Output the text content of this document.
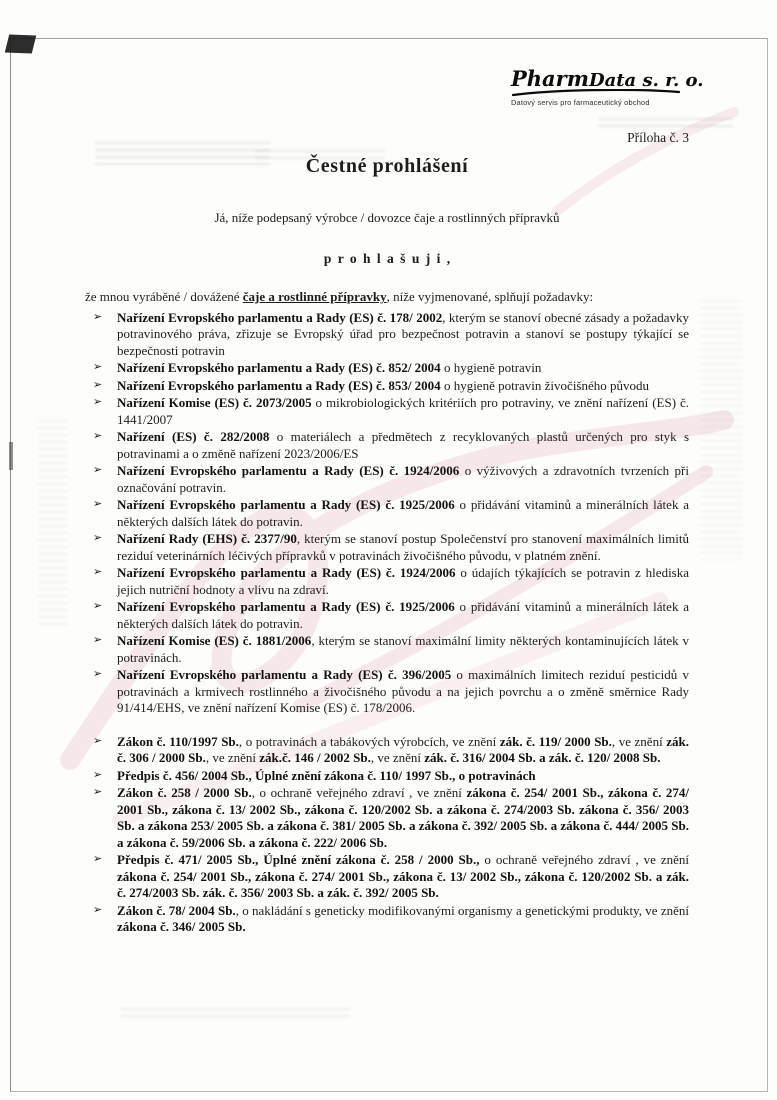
PharmData s. r. o.
Datový servis pro farmaceutický obchod
Příloha č. 3
Čestné prohlášení
Já, níže podepsaný výrobce / dovozce čaje a rostlinných přípravků
p r o h l a š u j i ,

že mnou vyráběné / dovážené čaje a rostlinné přípravky, níže vyjmenované, splňují požadavky:

➢	Nařízení Evropského parlamentu a Rady (ES) č. 178/ 2002, kterým se stanoví obecné zásady a požadavky potravinového práva, zřizuje se Evropský úřad pro bezpečnost potravin a stanoví se postupy týkající se bezpečnosti potravin
➢	Nařízení Evropského parlamentu a Rady (ES) č. 852/ 2004 o hygieně potravin
➢	Nařízení Evropského parlamentu a Rady (ES) č. 853/ 2004 o hygieně potravin živočišného původu
➢	Nařízení Komise (ES) č. 2073/2005 o mikrobiologických kritériích pro potraviny, ve znění nařízení (ES) č. 1441/2007
➢	Nařízení (ES) č. 282/2008 o materiálech a předmětech z recyklovaných plastů určených pro styk s potravinami a o změně nařízení 2023/2006/ES
➢	Nařízení Evropského parlamentu a Rady (ES) č. 1924/2006 o výživových a zdravotních tvrzeních při označování potravin.
➢	Nařízení Evropského parlamentu a Rady (ES) č. 1925/2006 o přidávání vitaminů a minerálních látek a některých dalších látek do potravin.
➢	Nařízení Rady (EHS) č. 2377/90, kterým se stanoví postup Společenství pro stanovení maximálních limitů reziduí veterinárních léčivých přípravků v potravinách živočišného původu, v platném znění.
➢	Nařízení Evropského parlamentu a Rady (ES) č. 1924/2006 o údajích týkajících se potravin z hlediska jejich nutriční hodnoty a vlivu na zdraví.
➢	Nařízení Evropského parlamentu a Rady (ES) č. 1925/2006 o přidávání vitaminů a minerálních látek a některých dalších látek do potravin.
➢	Nařízení Komise (ES) č. 1881/2006, kterým se stanoví maximální limity některých kontaminujících látek v potravinách.
➢	Nařízení Evropského parlamentu a Rady (ES) č. 396/2005 o maximálních limitech reziduí pesticidů v potravinách a krmivech rostlinného a živočišného původu a na jejich povrchu a o změně směrnice Rady 91/414/EHS, ve znění nařízení Komise (ES) č. 178/2006.
➢	Zákon č. 110/1997 Sb., o potravinách a tabákových výrobcích, ve znění zák. č. 119/ 2000 Sb., ve znění zák. č. 306 / 2000 Sb., ve znění zák.č. 146 / 2002 Sb., ve znění zák. č. 316/ 2004 Sb. a zák. č. 120/ 2008 Sb.
➢	Předpis č. 456/ 2004 Sb., Úplné znění zákona č. 110/ 1997 Sb., o potravinách
➢	Zákon č. 258 / 2000 Sb., o ochraně veřejného zdraví , ve znění zákona č. 254/ 2001 Sb., zákona č. 274/ 2001 Sb., zákona č. 13/ 2002 Sb., zákona č. 120/2002 Sb. a zákona č. 274/2003 Sb. zákona č. 356/ 2003 Sb. a zákona 253/ 2005 Sb. a zákona č. 381/ 2005 Sb. a zákona č. 392/ 2005 Sb. a zákona č. 444/ 2005 Sb. a zákona č. 59/2006 Sb. a zákona č. 222/ 2006 Sb.
➢	Předpis č. 471/ 2005 Sb., Úplné znění zákona č. 258 / 2000 Sb., o ochraně veřejného zdraví , ve znění zákona č. 254/ 2001 Sb., zákona č. 274/ 2001 Sb., zákona č. 13/ 2002 Sb., zákona č. 120/2002 Sb. a zák. č. 274/2003 Sb. zák. č. 356/ 2003 Sb. a zák. č. 392/ 2005 Sb.
➢	Zákon č. 78/ 2004 Sb., o nakládání s geneticky modifikovanými organismy a genetickými produkty, ve znění zákona č. 346/ 2005 Sb.
